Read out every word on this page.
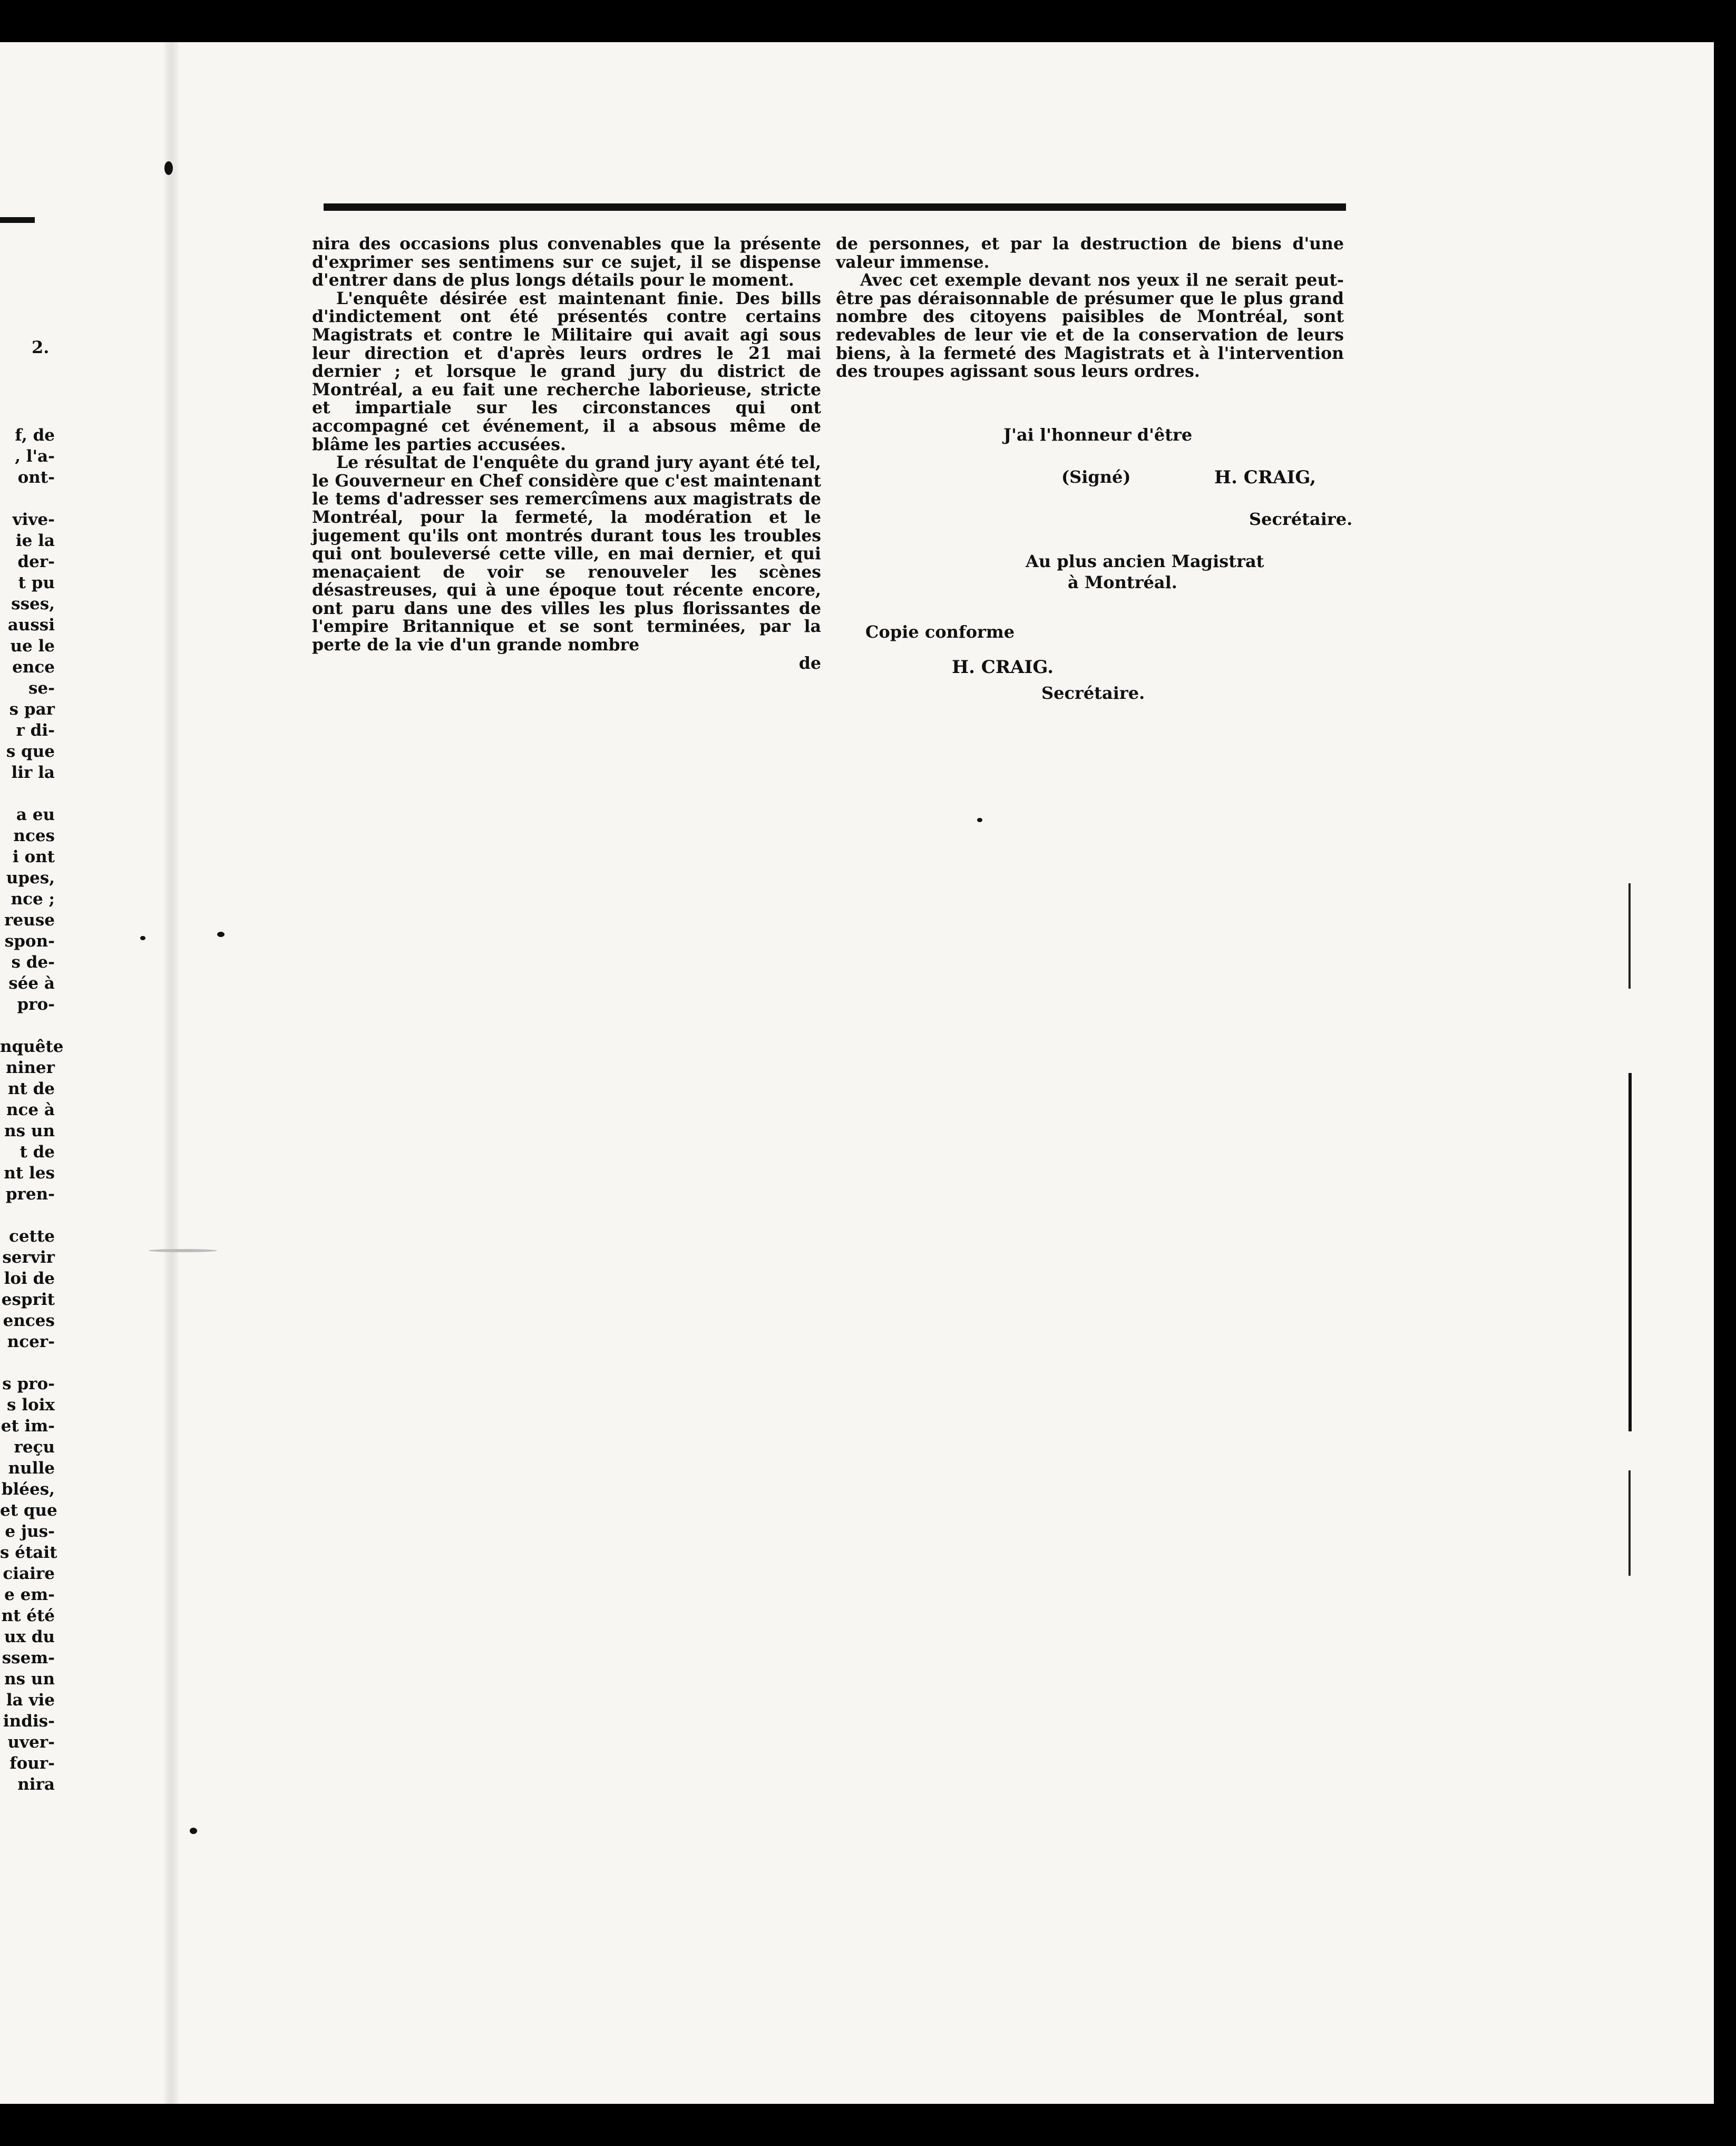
2.
f, de
, l'a-
ont-
vive-
ie la
der-
t pu
sses,
aussi
ue le
ence
se-
s par
r di-
s que
lir la
a eu
nces
i ont
upes,
nce ;
reuse
spon-
s de-
sée à
pro-
nquête
niner
nt de
nce à
ns un
t de
nt les
pren-
cette
servir
loi de
esprit
ences
ncer-
s pro-
s loix
et im-
reçu
nulle
blées,
et que
e jus-
s était
ciaire
e em-
nt été
ux du
ssem-
ns un
la vie
indis-
uver-
four-
nira

nira des occasions plus convenables que la présente d'exprimer ses sentimens sur ce sujet, il se dispense d'entrer dans de plus longs détails pour le moment.

L'enquête désirée est maintenant finie. Des bills d'indictement ont été présentés contre certains Magistrats et contre le Militaire qui avait agi sous leur direction et d'après leurs ordres le 21 mai dernier ; et lorsque le grand jury du district de Montréal, a eu fait une recherche laborieuse, stricte et impartiale sur les circonstances qui ont accompagné cet événement, il a absous même de blâme les parties accusées.

Le résultat de l'enquête du grand jury ayant été tel, le Gouverneur en Chef considère que c'est maintenant le tems d'adresser ses remercîmens aux magistrats de Montréal, pour la fermeté, la modération et le jugement qu'ils ont montrés durant tous les troubles qui ont bouleversé cette ville, en mai dernier, et qui menaçaient de voir se renouveler les scènes désastreuses, qui à une époque tout récente encore, ont paru dans une des villes les plus florissantes de l'empire Britannique et se sont terminées, par la perte de la vie d'un grande nombre

de

de personnes, et par la destruction de biens d'une valeur immense.

Avec cet exemple devant nos yeux il ne serait peut-être pas déraisonnable de présumer que le plus grand nombre des citoyens paisibles de Montréal, sont redevables de leur vie et de la conservation de leurs biens, à la fermeté des Magistrats et à l'intervention des troupes agissant sous leurs ordres.

J'ai l'honneur d'être
(Signé)	H. CRAIG,
Secrétaire.
Au plus ancien Magistrat
à Montréal.
Copie conforme
H. CRAIG.
Secrétaire.
